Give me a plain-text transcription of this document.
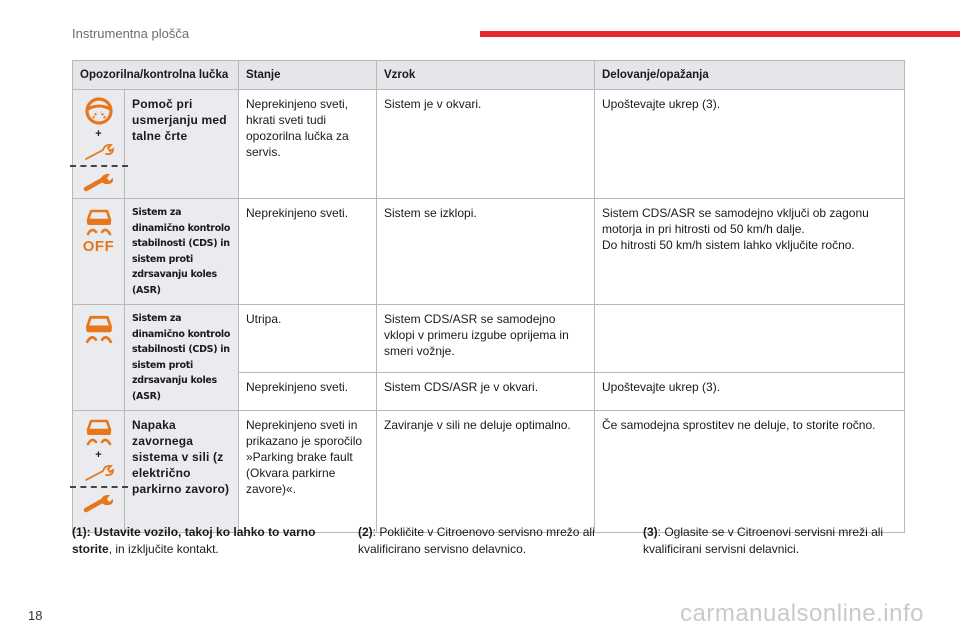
Instrumentna plošča
Opozorilna/kontrolna lučka		Stanje	Vzrok	Delovanje/opažanja

+	Pomoč pri usmerjanju med talne črte	Neprekinjeno sveti, hkrati sveti tudi opozorilna lučka za servis.	Sistem je v okvari.	Upoštevajte ukrep (3).

OFF	Sistem za dinamično kontrolo stabilnosti (CDS) in sistem proti zdrsavanju koles (ASR)	Neprekinjeno sveti.	Sistem se izklopi.	Sistem CDS/ASR se samodejno vključi ob zagonu motorja in pri hitrosti od 50 km/h dalje.
Do hitrosti 50 km/h sistem lahko vključite ročno.

	Sistem za dinamično kontrolo stabilnosti (CDS) in sistem proti zdrsavanju koles (ASR)	Utripa.	Sistem CDS/ASR se samodejno vklopi v primeru izgube oprijema in smeri vožnje.	
		Neprekinjeno sveti.	Sistem CDS/ASR je v okvari.	Upoštevajte ukrep (3).

+	Napaka zavornega sistema v sili (z električno parkirno zavoro)	Neprekinjeno sveti in prikazano je sporočilo »Parking brake fault (Okvara parkirne zavore)«.	Zaviranje v sili ne deluje optimalno.	Če samodejna sprostitev ne deluje, to storite ročno.
(1): Ustavite vozilo, takoj ko lahko to varno storite, in izključite kontakt.
(2): Pokličite v Citroenovo servisno mrežo ali kvalificirano servisno delavnico.
(3): Oglasite se v Citroenovi servisni mreži ali kvalificirani servisni delavnici.
18	carmanualsonline.info
